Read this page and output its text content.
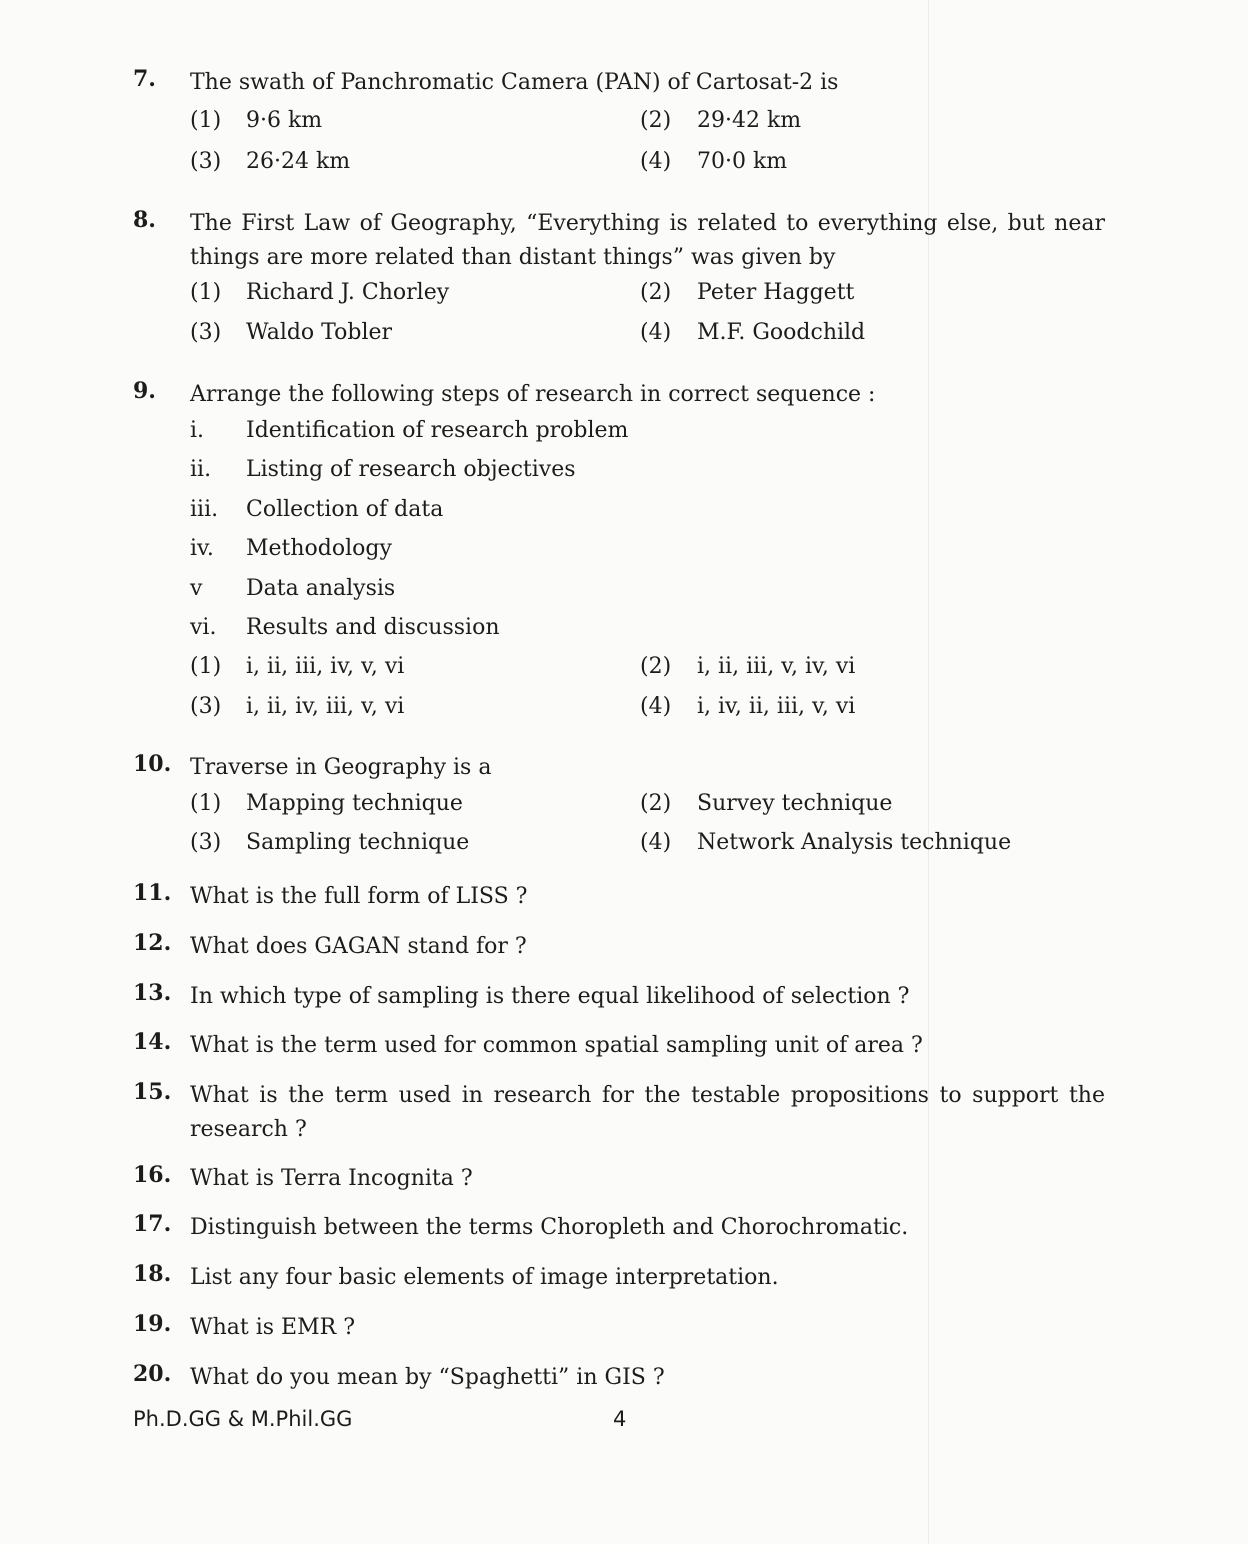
7. The swath of Panchromatic Camera (PAN) of Cartosat-2 is
(1) 9·6 km	(2) 29·42 km
(3) 26·24 km	(4) 70·0 km
8. The First Law of Geography, “Everything is related to everything else, but near things are more related than distant things” was given by
(1) Richard J. Chorley	(2) Peter Haggett
(3) Waldo Tobler	(4) M.F. Goodchild
9. Arrange the following steps of research in correct sequence :
i. Identification of research problem
ii. Listing of research objectives
iii. Collection of data
iv. Methodology
v Data analysis
vi. Results and discussion
(1) i, ii, iii, iv, v, vi	(2) i, ii, iii, v, iv, vi
(3) i, ii, iv, iii, v, vi	(4) i, iv, ii, iii, v, vi
10. Traverse in Geography is a
(1) Mapping technique	(2) Survey technique
(3) Sampling technique	(4) Network Analysis technique
11. What is the full form of LISS ?
12. What does GAGAN stand for ?
13. In which type of sampling is there equal likelihood of selection ?
14. What is the term used for common spatial sampling unit of area ?
15. What is the term used in research for the testable propositions to support the research ?
16. What is Terra Incognita ?
17. Distinguish between the terms Choropleth and Chorochromatic.
18. List any four basic elements of image interpretation.
19. What is EMR ?
20. What do you mean by “Spaghetti” in GIS ?
Ph.D.GG & M.Phil.GG	4
